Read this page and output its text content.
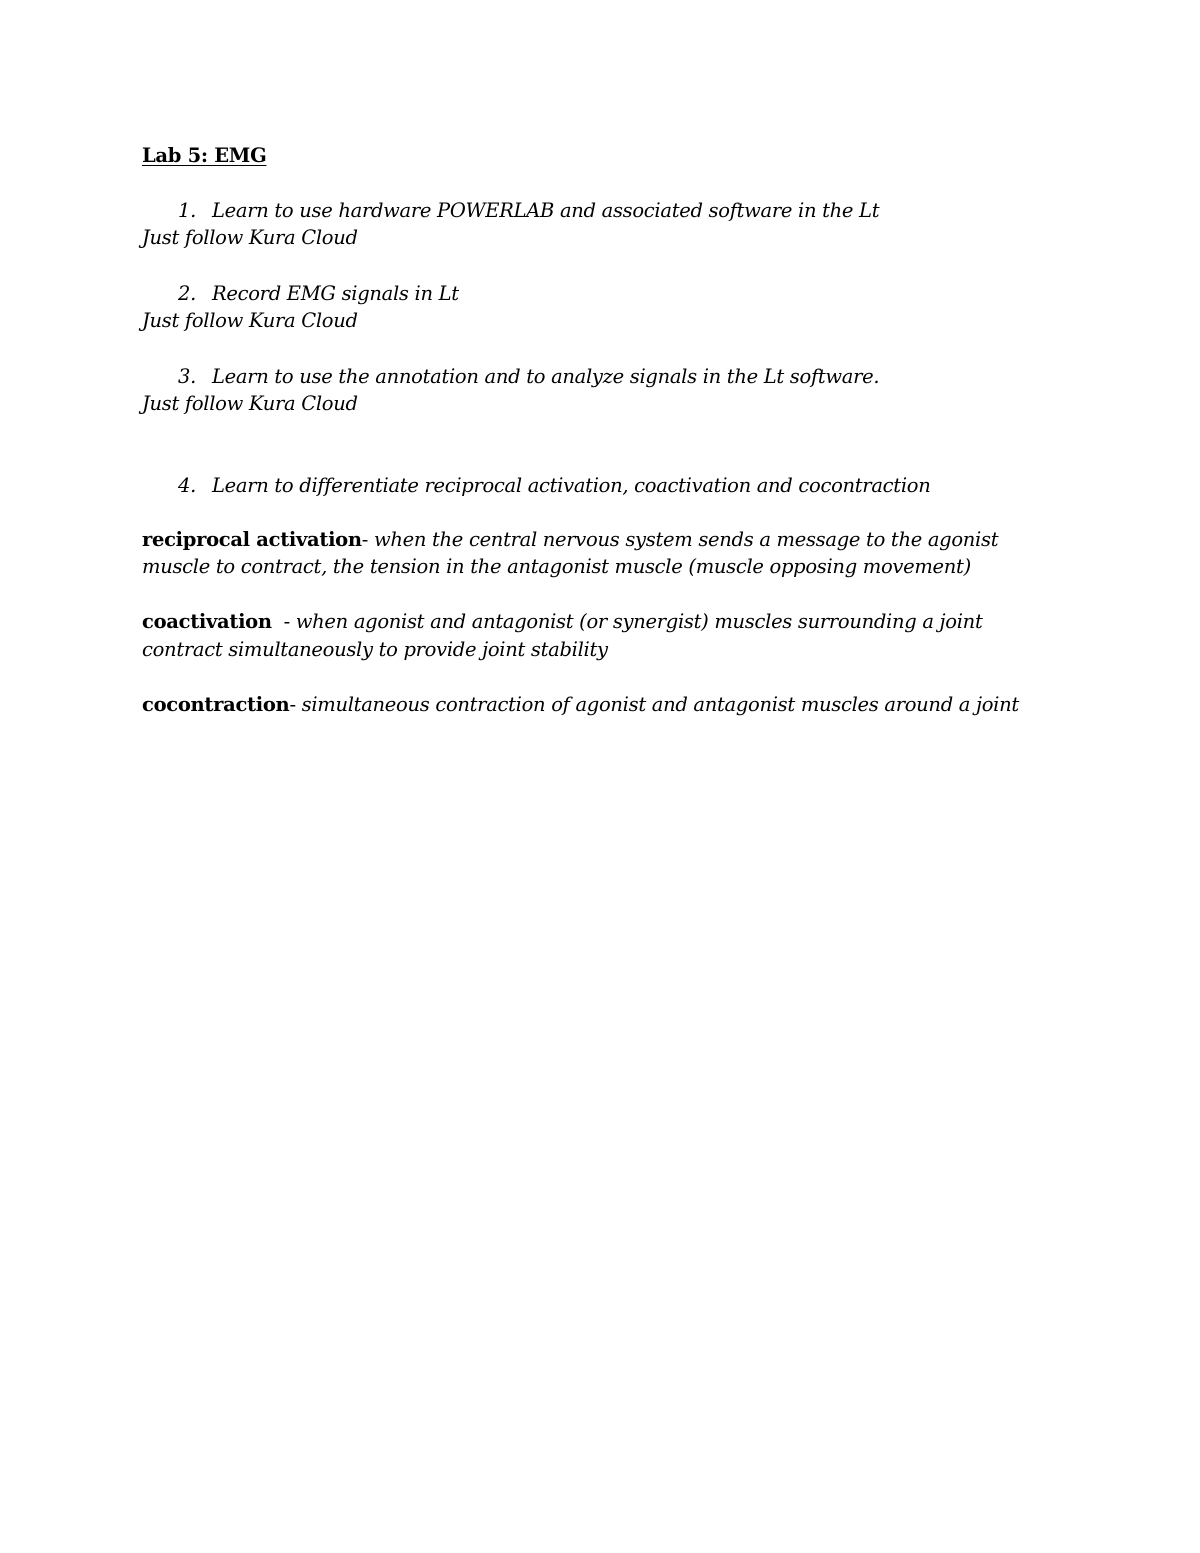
Lab 5: EMG
1. Learn to use hardware POWERLAB and associated software in the Lt
Just follow Kura Cloud
2. Record EMG signals in Lt
Just follow Kura Cloud
3. Learn to use the annotation and to analyze signals in the Lt software.
Just follow Kura Cloud
4. Learn to differentiate reciprocal activation, coactivation and cocontraction
reciprocal activation- when the central nervous system sends a message to the agonist
muscle to contract, the tension in the antagonist muscle (muscle opposing movement)
coactivation  - when agonist and antagonist (or synergist) muscles surrounding a joint
contract simultaneously to provide joint stability
cocontraction- simultaneous contraction of agonist and antagonist muscles around a joint
